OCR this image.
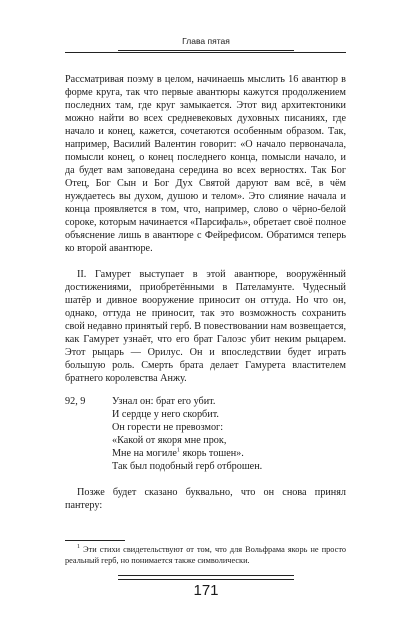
Глава пятая

Рассматривая поэму в целом, начинаешь мыслить 16 авантюр в форме круга, так что первые авантюры кажутся продолжением последних там, где круг замыкается. Этот вид архитектоники можно найти во всех средневековых духовных писаниях, где начало и конец, кажется, сочетаются особенным образом. Так, например, Василий Валентин говорит: «О начало первоначала, помысли конец, о конец последнего конца, помысли начало, и да будет вам заповедана середина во всех верностях. Так Бог Отец, Бог Сын и Бог Дух Святой даруют вам всё, в чём нуждаетесь вы духом, душою и телом». Это слияние начала и конца проявляется в том, что, например, слово о чёрно-белой сороке, которым начинается «Парсифаль», обретает своё полное объяснение лишь в авантюре с Фейрефисом. Обратимся теперь ко второй авантюре.

II. Гамурет выступает в этой авантюре, вооружённый достижениями, приобретёнными в Пателамунте. Чудесный шатёр и дивное вооружение приносит он оттуда. Но что он, однако, оттуда не приносит, так это возможность сохранить свой недавно принятый герб. В повествовании нам возвещается, как Гамурет узнаёт, что его брат Галоэс убит неким рыцарем. Этот рыцарь — Орилус. Он и впоследствии будет играть большую роль. Смерть брата делает Гамурета властителем братнего королевства Анжу.

92, 9	Узнал он: брат его убит.
И сердце у него скорбит.
Он горести не превозмог:
«Какой от якоря мне прок,
Мне на могиле$^1$ якорь тошен».
Так был подобный герб отброшен.

Позже будет сказано буквально, что он снова принял пантеру:

$^1$ Эти стихи свидетельствуют от том, что для Вольфрама якорь не просто реальный герб, но понимается также символически.
171
